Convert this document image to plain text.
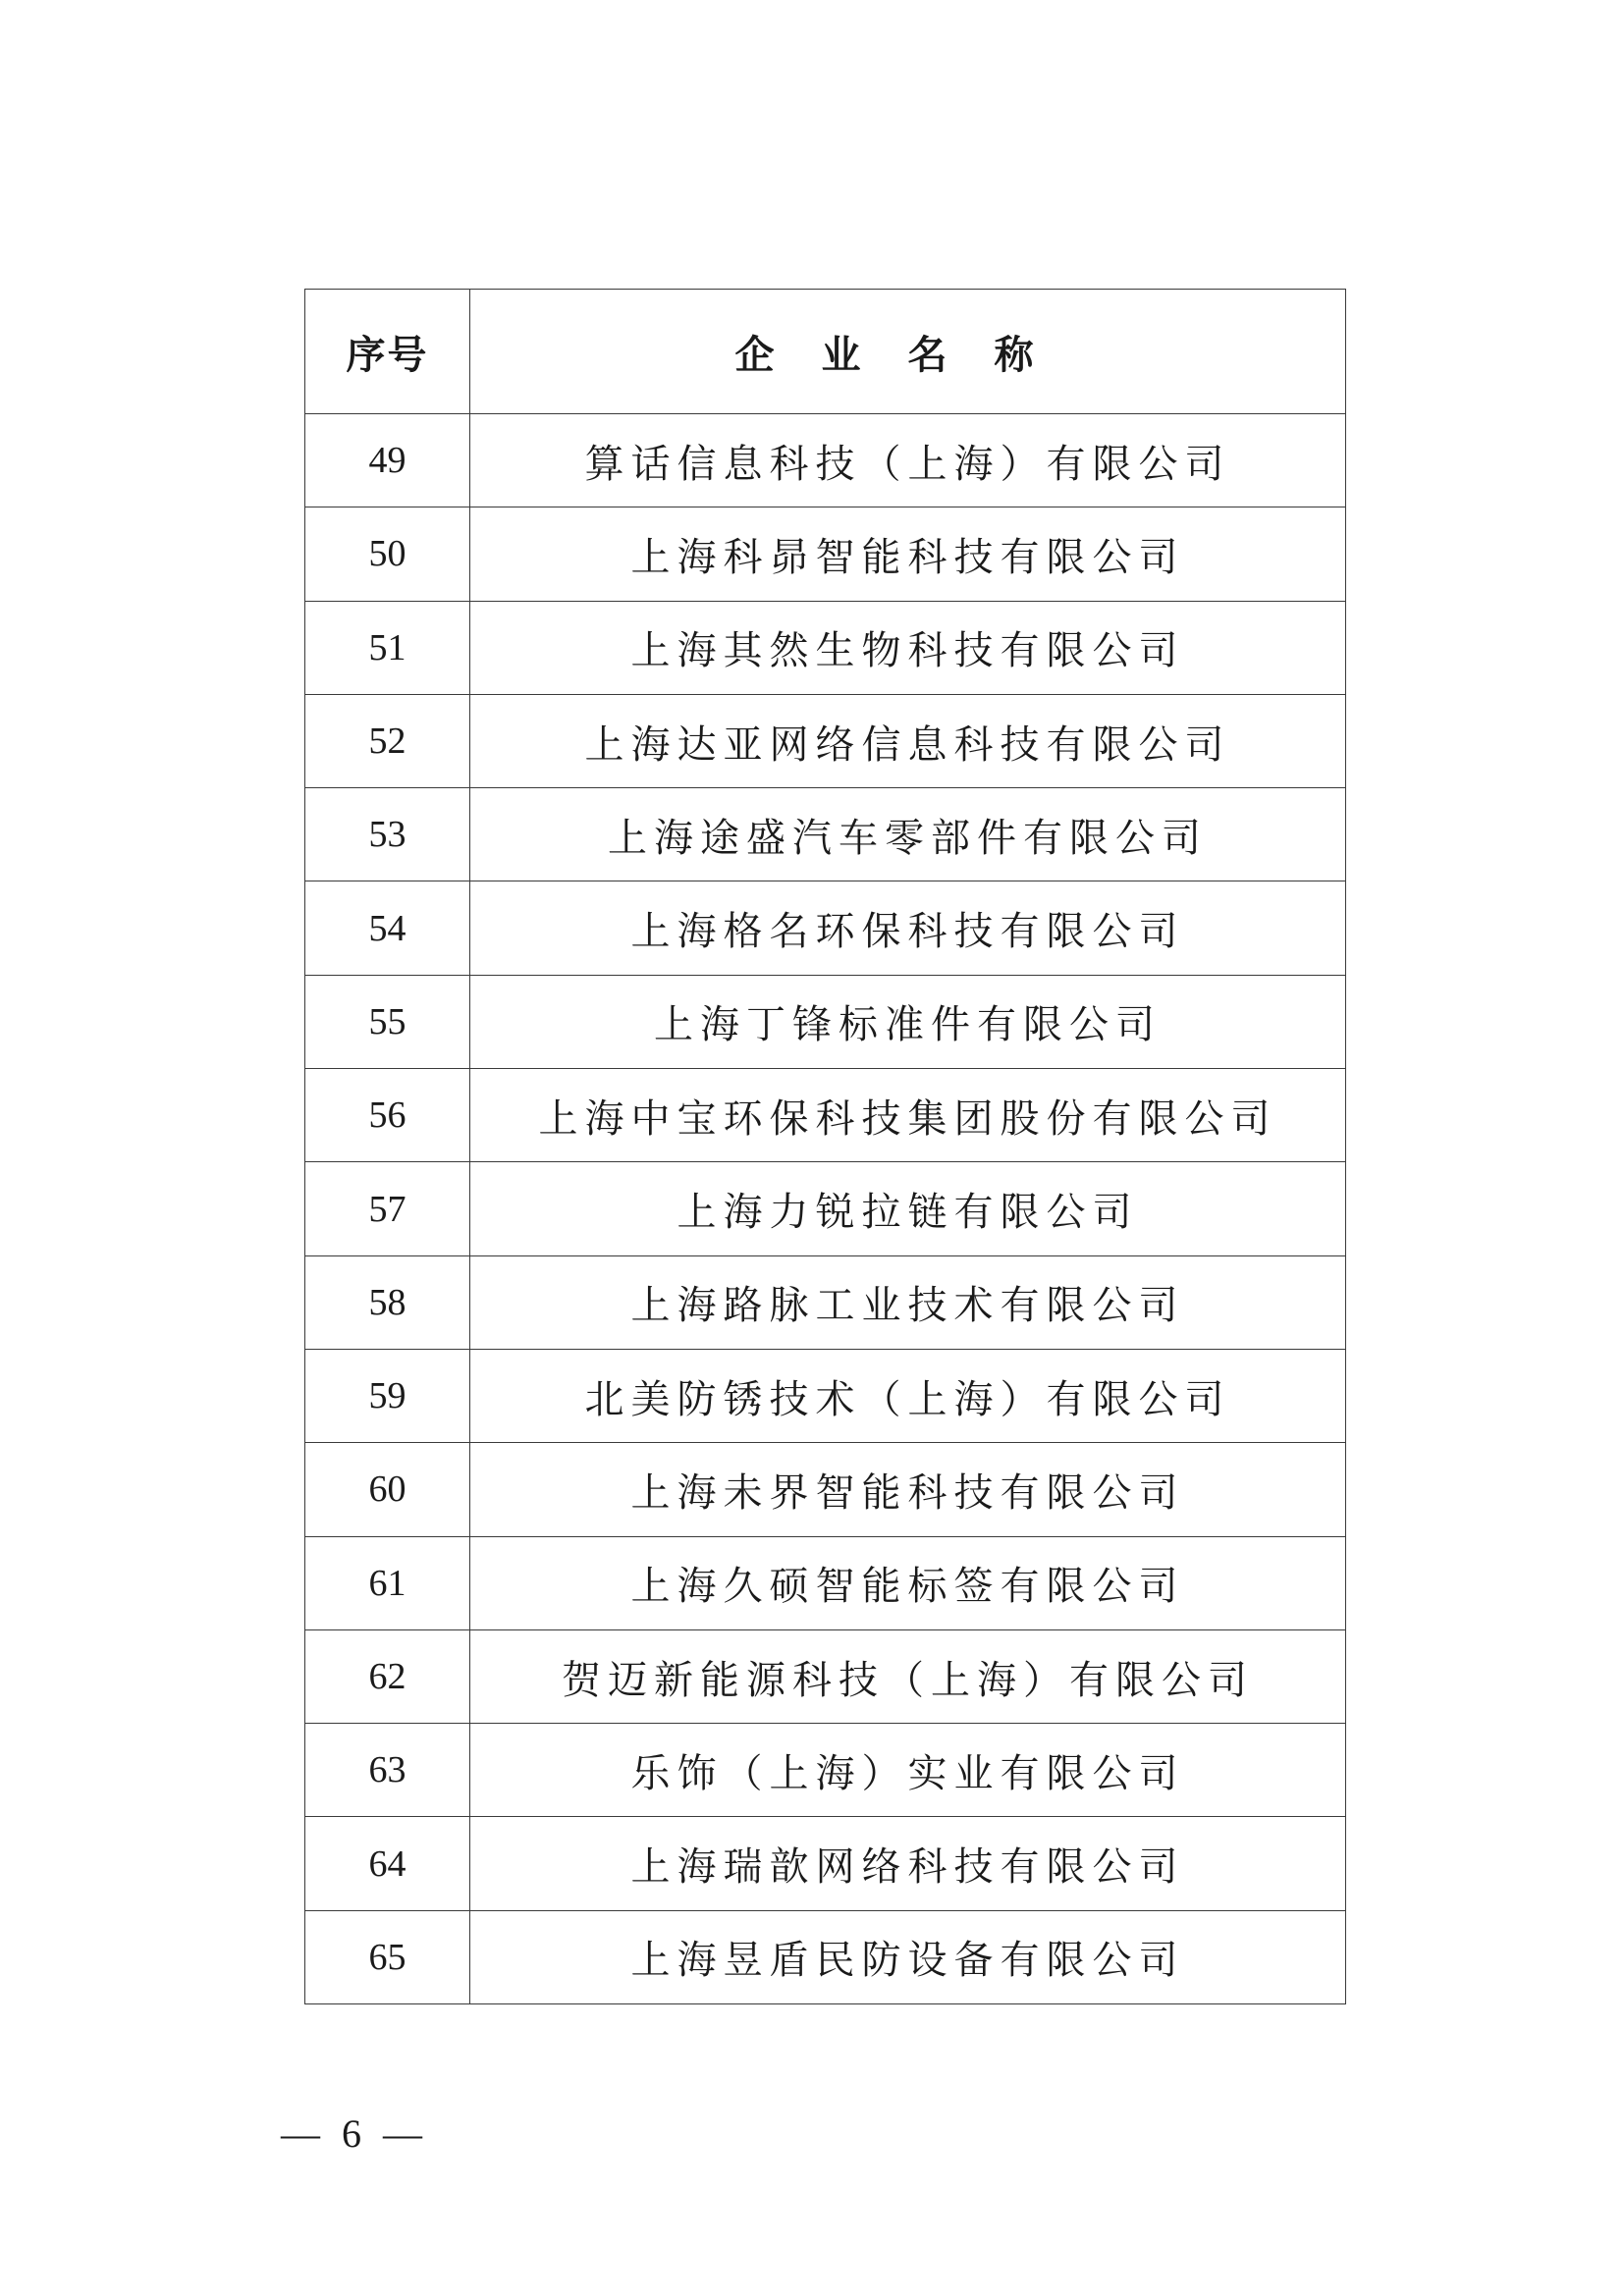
序号	企业名称
49	算话信息科技（上海）有限公司
50	上海科昴智能科技有限公司
51	上海其然生物科技有限公司
52	上海达亚网络信息科技有限公司
53	上海途盛汽车零部件有限公司
54	上海格名环保科技有限公司
55	上海丁锋标准件有限公司
56	上海中宝环保科技集团股份有限公司
57	上海力锐拉链有限公司
58	上海路脉工业技术有限公司
59	北美防锈技术（上海）有限公司
60	上海未界智能科技有限公司
61	上海久硕智能标签有限公司
62	贺迈新能源科技（上海）有限公司
63	乐饰（上海）实业有限公司
64	上海瑞歆网络科技有限公司
65	上海昱盾民防设备有限公司
— 6 —
